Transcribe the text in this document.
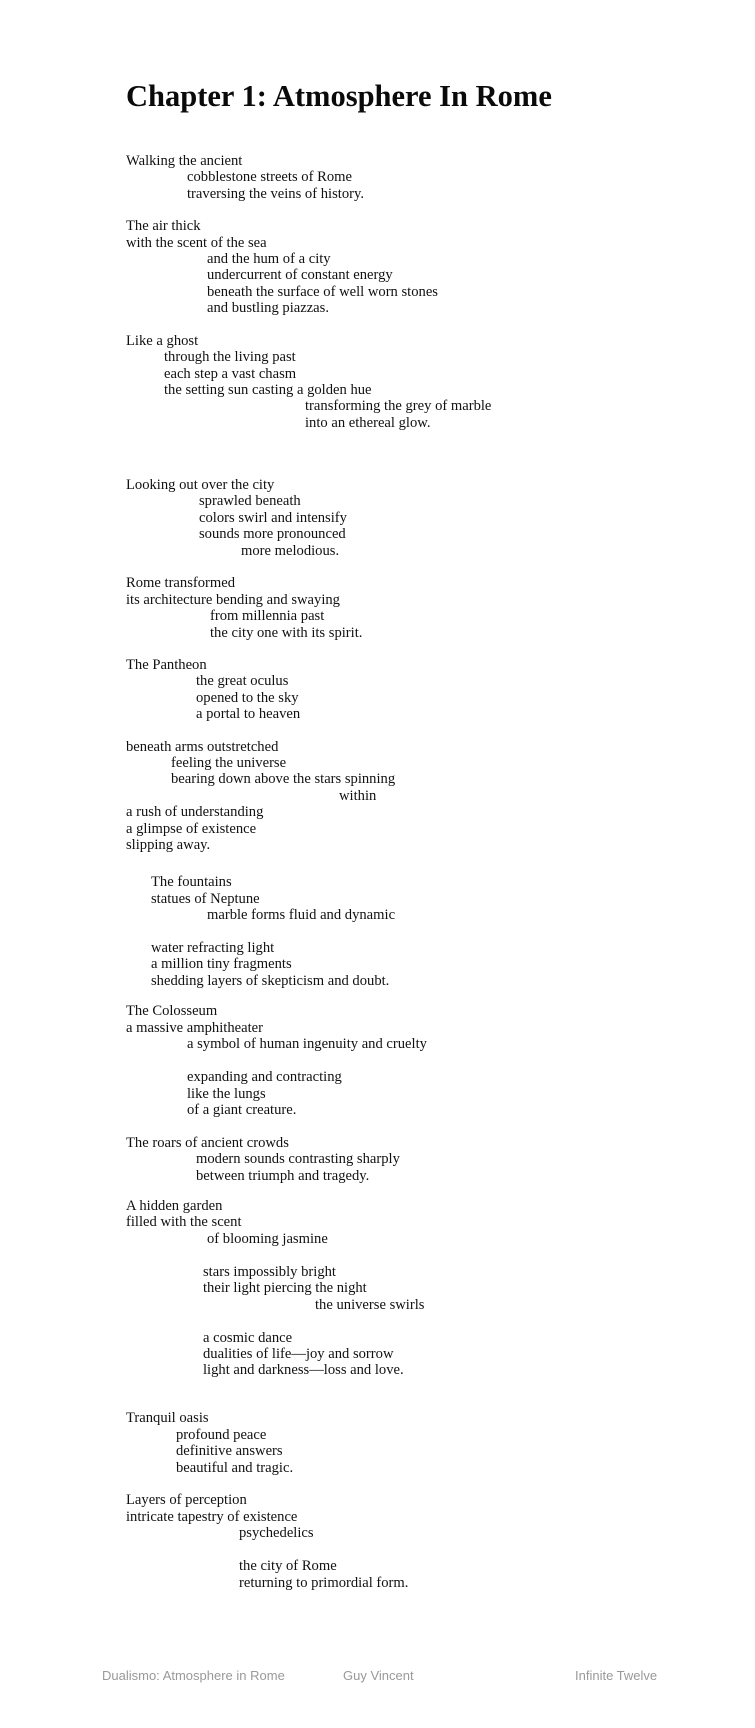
Chapter 1: Atmosphere In Rome

Walking the ancient

cobblestone streets of Rome

traversing the veins of history.

The air thick

with the scent of the sea

and the hum of a city

undercurrent of constant energy

beneath the surface of well worn stones

and bustling piazzas.

Like a ghost

through the living past

each step a vast chasm

the setting sun casting a golden hue

transforming the grey of marble

into an ethereal glow.

Looking out over the city

sprawled beneath

colors swirl and intensify

sounds more pronounced

more melodious.

Rome transformed

its architecture bending and swaying

from millennia past

the city one with its spirit.

The Pantheon

the great oculus

opened to the sky

a portal to heaven

beneath arms outstretched

feeling the universe

bearing down above the stars spinning

within

a rush of understanding

a glimpse of existence

slipping away.

The fountains

statues of Neptune

marble forms fluid and dynamic

water refracting light

a million tiny fragments

shedding layers of skepticism and doubt.

The Colosseum

a massive amphitheater

a symbol of human ingenuity and cruelty

expanding and contracting

like the lungs

of a giant creature.

The roars of ancient crowds

modern sounds contrasting sharply

between triumph and tragedy.

A hidden garden

filled with the scent

of blooming jasmine

stars impossibly bright

their light piercing the night

the universe swirls

a cosmic dance

dualities of life—joy and sorrow

light and darkness—loss and love.

Tranquil oasis

profound peace

definitive answers

beautiful and tragic.

Layers of perception

intricate tapestry of existence

psychedelics

the city of Rome

returning to primordial form.

Dualismo: Atmosphere in Rome	Guy Vincent	Infinite Twelve
